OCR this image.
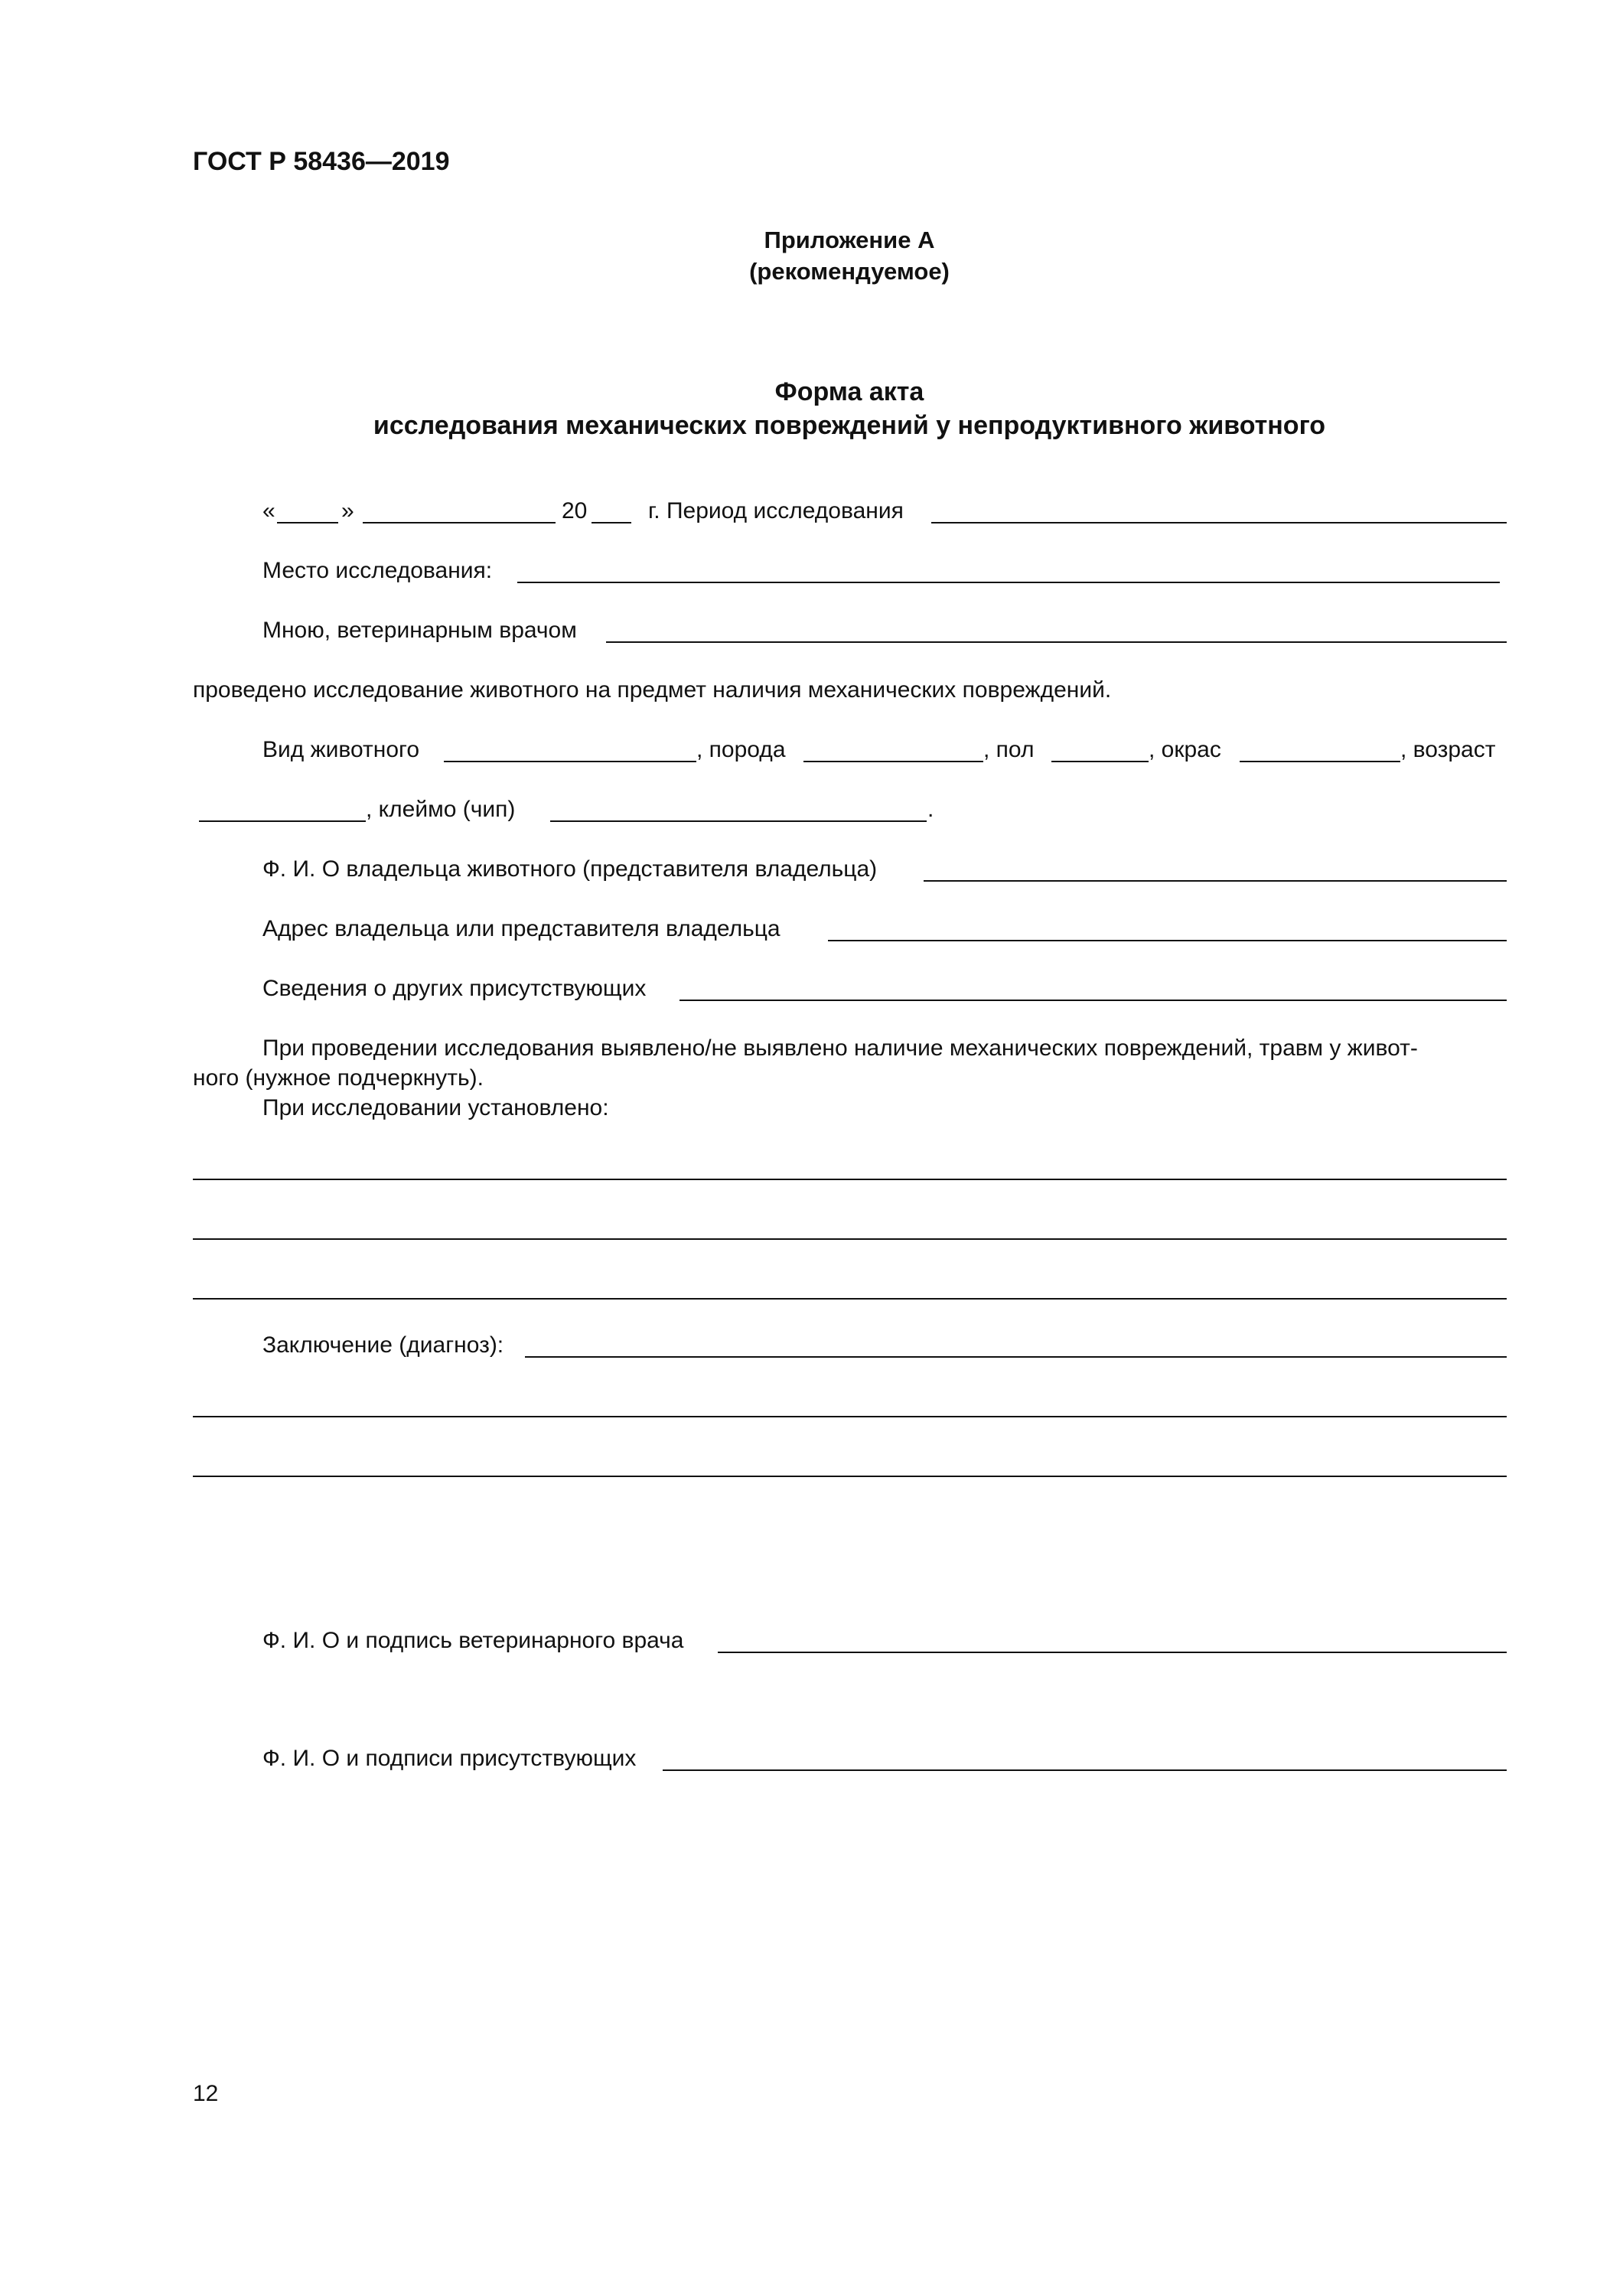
ГОСТ Р 58436—2019
Приложение А
(рекомендуемое)
Форма акта
исследования механических повреждений у непродуктивного животного
«	»	20	г. Период исследования
Место исследования:
Мною, ветеринарным врачом
проведено исследование животного на предмет наличия механических повреждений.
Вид животного	, порода	, пол	, окрас	, возраст
, клеймо (чип)	.
Ф. И. О владельца животного (представителя владельца)
Адрес владельца или представителя владельца
Сведения о других присутствующих
При проведении исследования выявлено/не выявлено наличие механических повреждений, травм у живот-
ного (нужное подчеркнуть).
При исследовании установлено:
Заключение (диагноз):
Ф. И. О и подпись ветеринарного врача
Ф. И. О и подписи присутствующих
12
